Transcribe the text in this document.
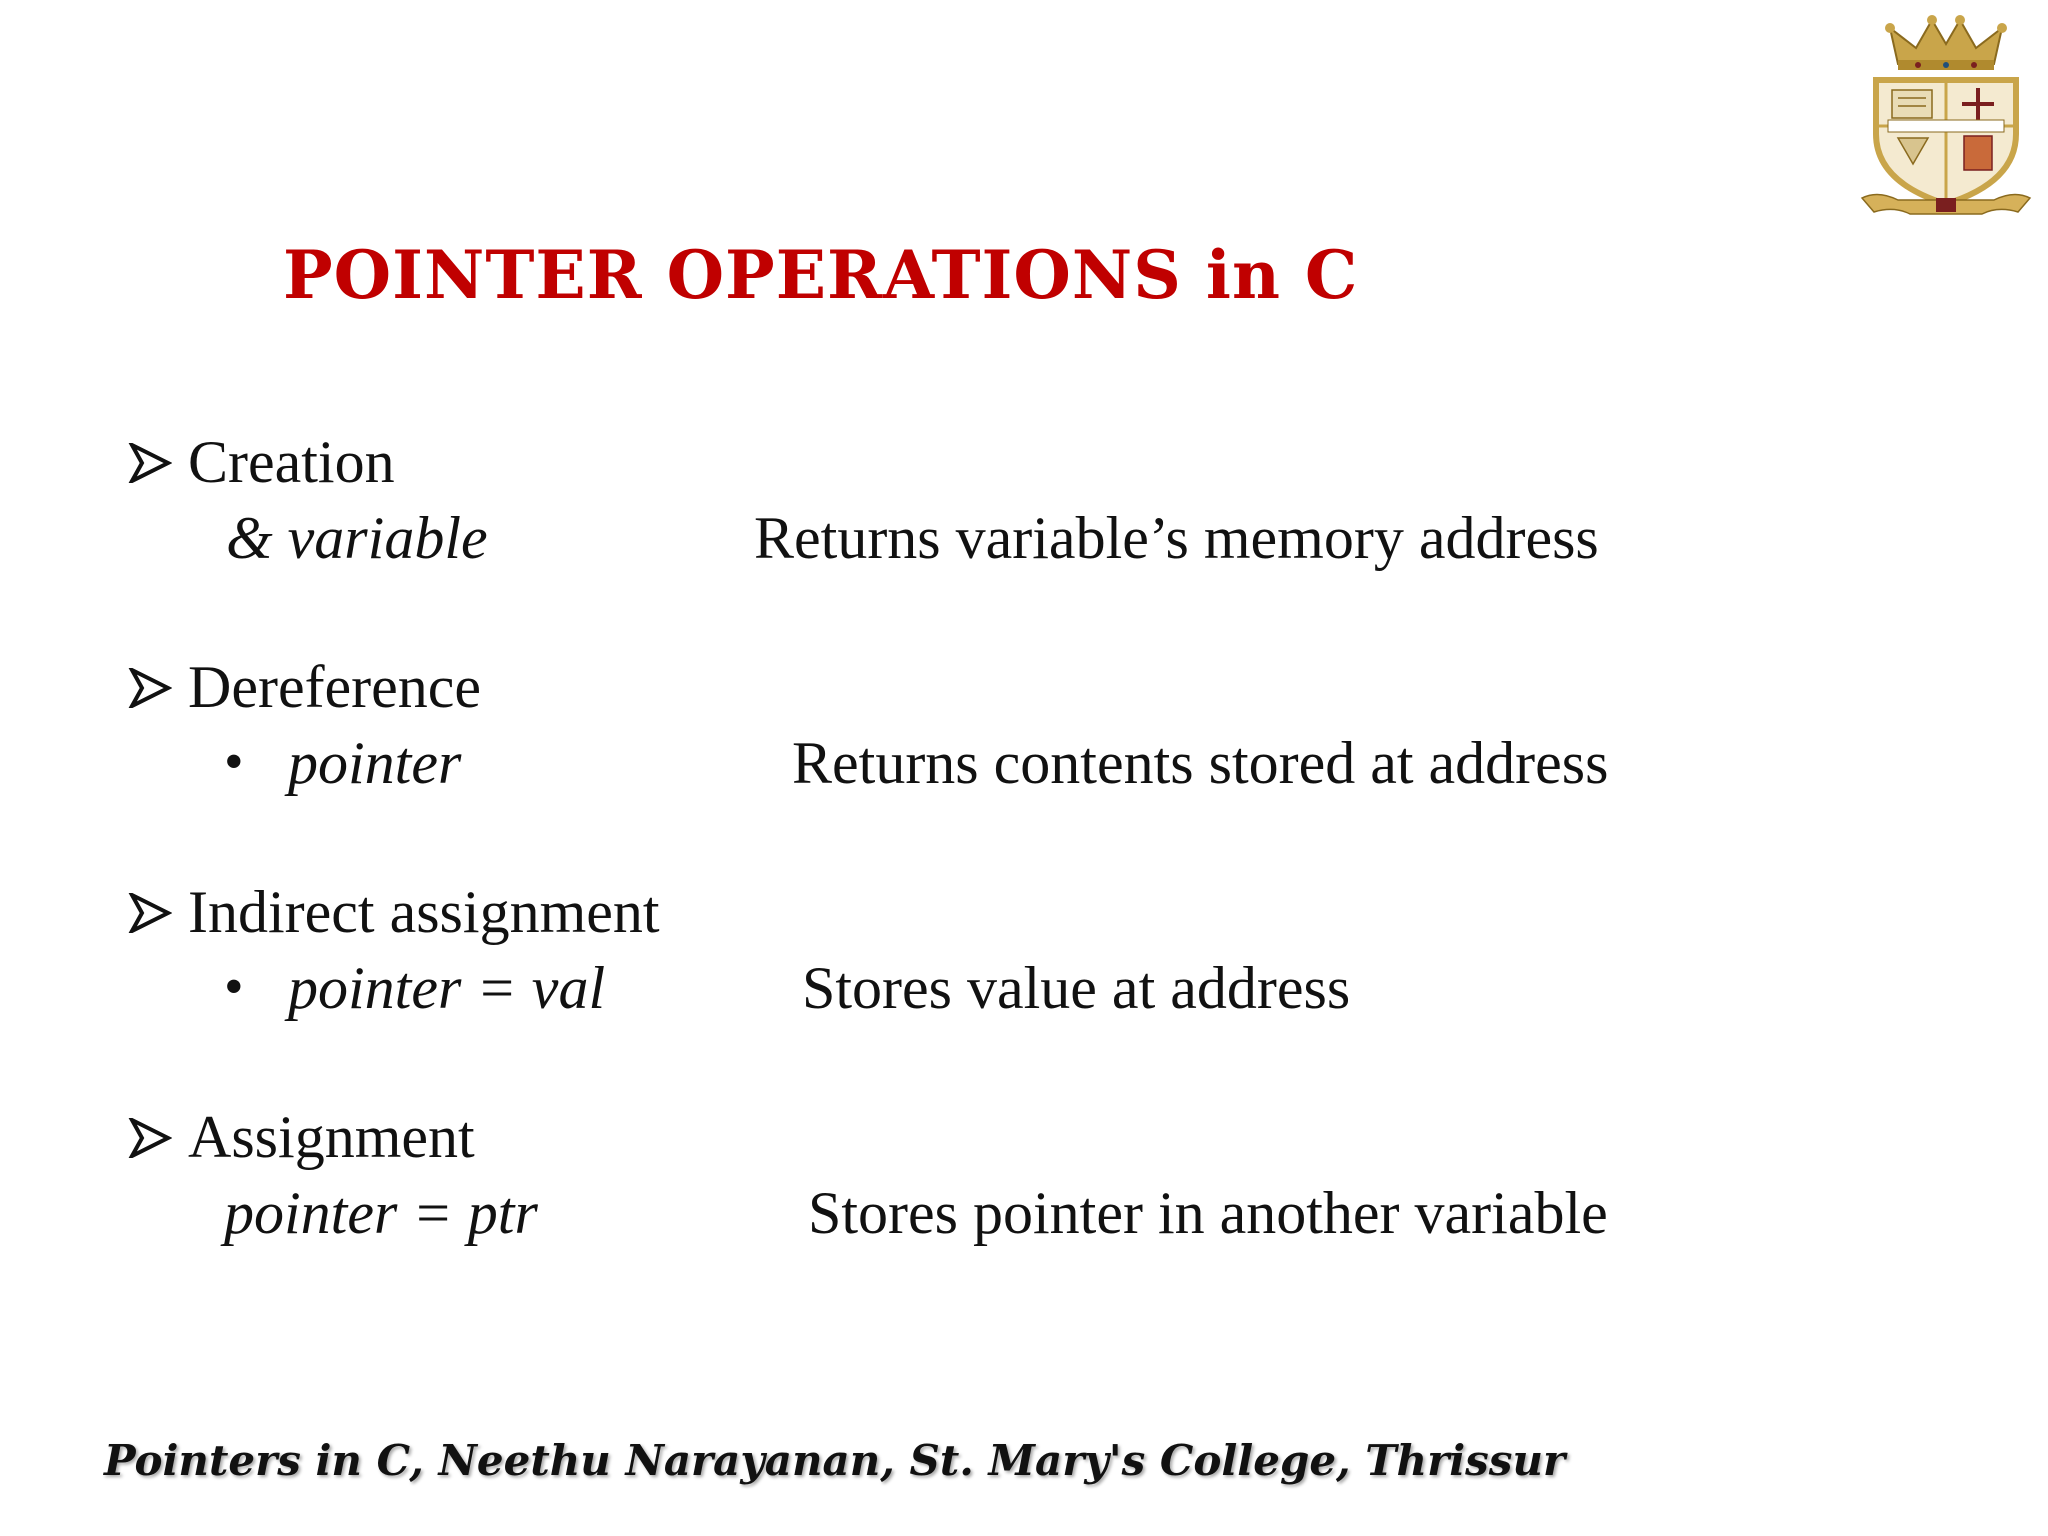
POINTER OPERATIONS in C
Creation
& variable	Returns variable’s memory address
Dereference
• pointer	Returns contents stored at address
Indirect assignment
• pointer = val	Stores value at address
Assignment
pointer = ptr	Stores pointer in another variable
Pointers in C, Neethu Narayanan, St. Mary's College, Thrissur
